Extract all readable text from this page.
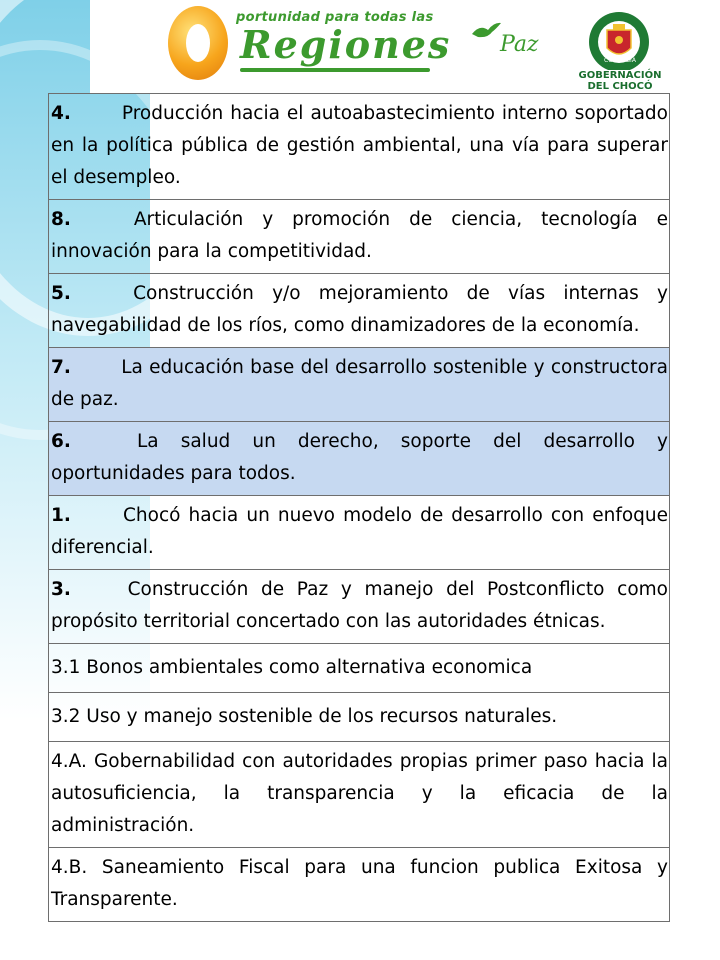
portunidad para todas las
Regiones Paz
GOBERNACIÓN
DEL CHOCÓ
DEPARTAMENTO DEL CHOCO
COLOMBIA
4. Producción hacia el autoabastecimiento interno soportado en la política pública de gestión ambiental, una vía para superar el desempleo.
8. Articulación y promoción de ciencia, tecnología e innovación para la competitividad.
5. Construcción y/o mejoramiento de vías internas y navegabilidad de los ríos, como dinamizadores de la economía.
7. La educación base del desarrollo sostenible y constructora de paz.
6. La salud un derecho, soporte del desarrollo y oportunidades para todos.
1. Chocó hacia un nuevo modelo de desarrollo con enfoque diferencial.
3. Construcción de Paz y manejo del Postconflicto como propósito territorial concertado con las autoridades étnicas.
3.1 Bonos ambientales como alternativa economica
3.2 Uso y manejo sostenible de los recursos naturales.
4.A. Gobernabilidad con autoridades propias primer paso hacia la autosuficiencia, la transparencia y la eficacia de la administración.
4.B. Saneamiento Fiscal para una funcion publica Exitosa y Transparente.
